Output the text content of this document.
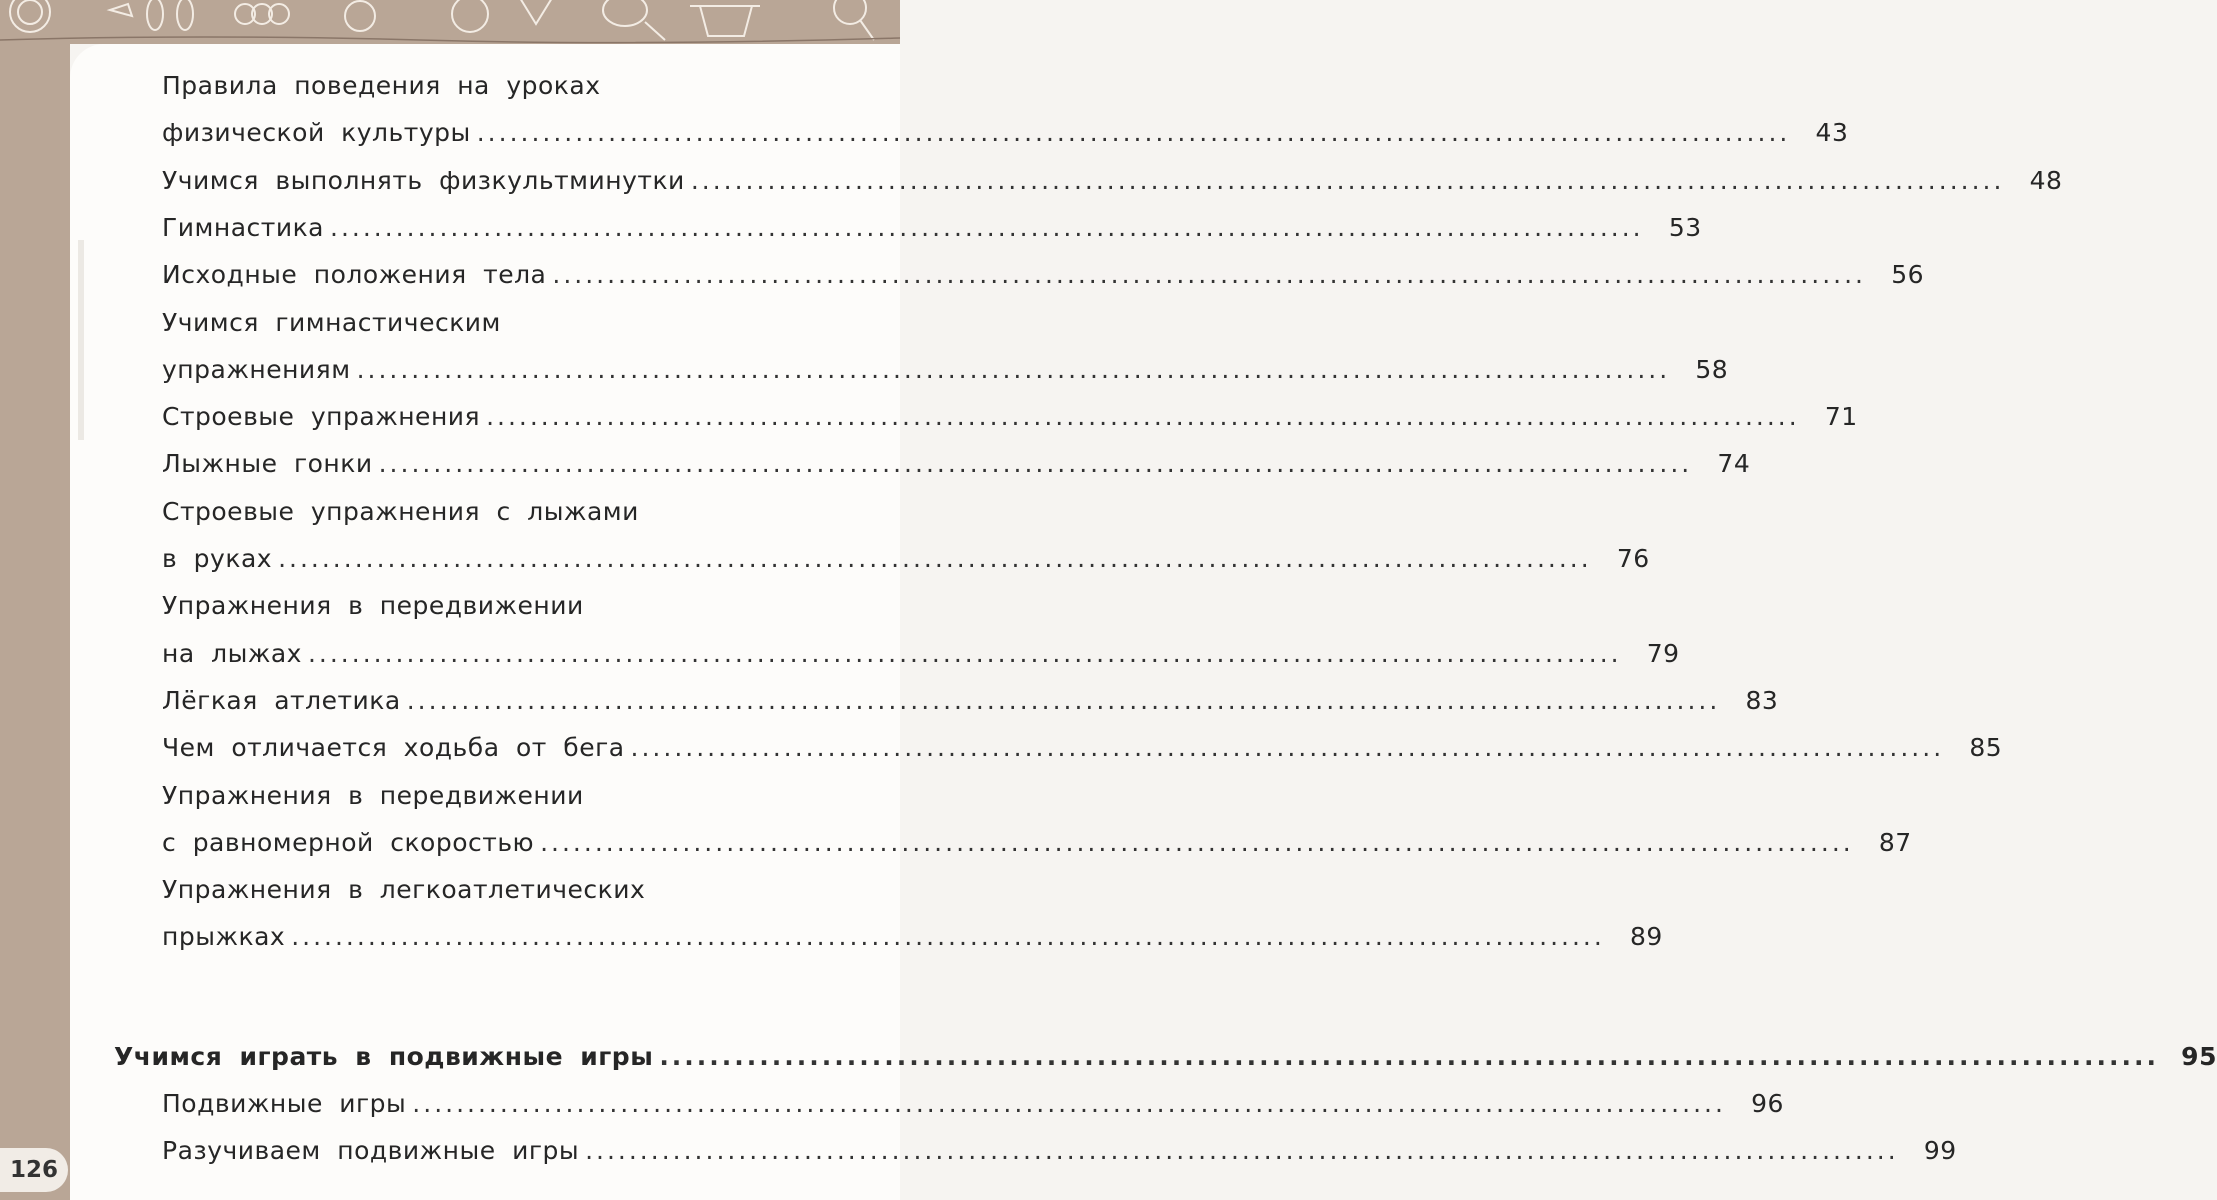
Правила поведения на уроках
физической культуры ........................................................................................................................ 43
Учимся выполнять физкультминутки ........................................................................................................................ 48
Гимнастика ........................................................................................................................ 53
Исходные положения тела ........................................................................................................................ 56
Учимся гимнастическим
упражнениям ........................................................................................................................ 58
Строевые упражнения ........................................................................................................................ 71
Лыжные гонки ........................................................................................................................ 74
Строевые упражнения с лыжами
в руках ........................................................................................................................ 76
Упражнения в передвижении
на лыжах ........................................................................................................................ 79
Лёгкая атлетика ........................................................................................................................ 83
Чем отличается ходьба от бега ........................................................................................................................ 85
Упражнения в передвижении
с равномерной скоростью ........................................................................................................................ 87
Упражнения в легкоатлетических
прыжках ........................................................................................................................ 89
Учимся играть в подвижные игры ........................................................................................................................ 95
Подвижные игры ........................................................................................................................ 96
Разучиваем подвижные игры ........................................................................................................................ 99
126
